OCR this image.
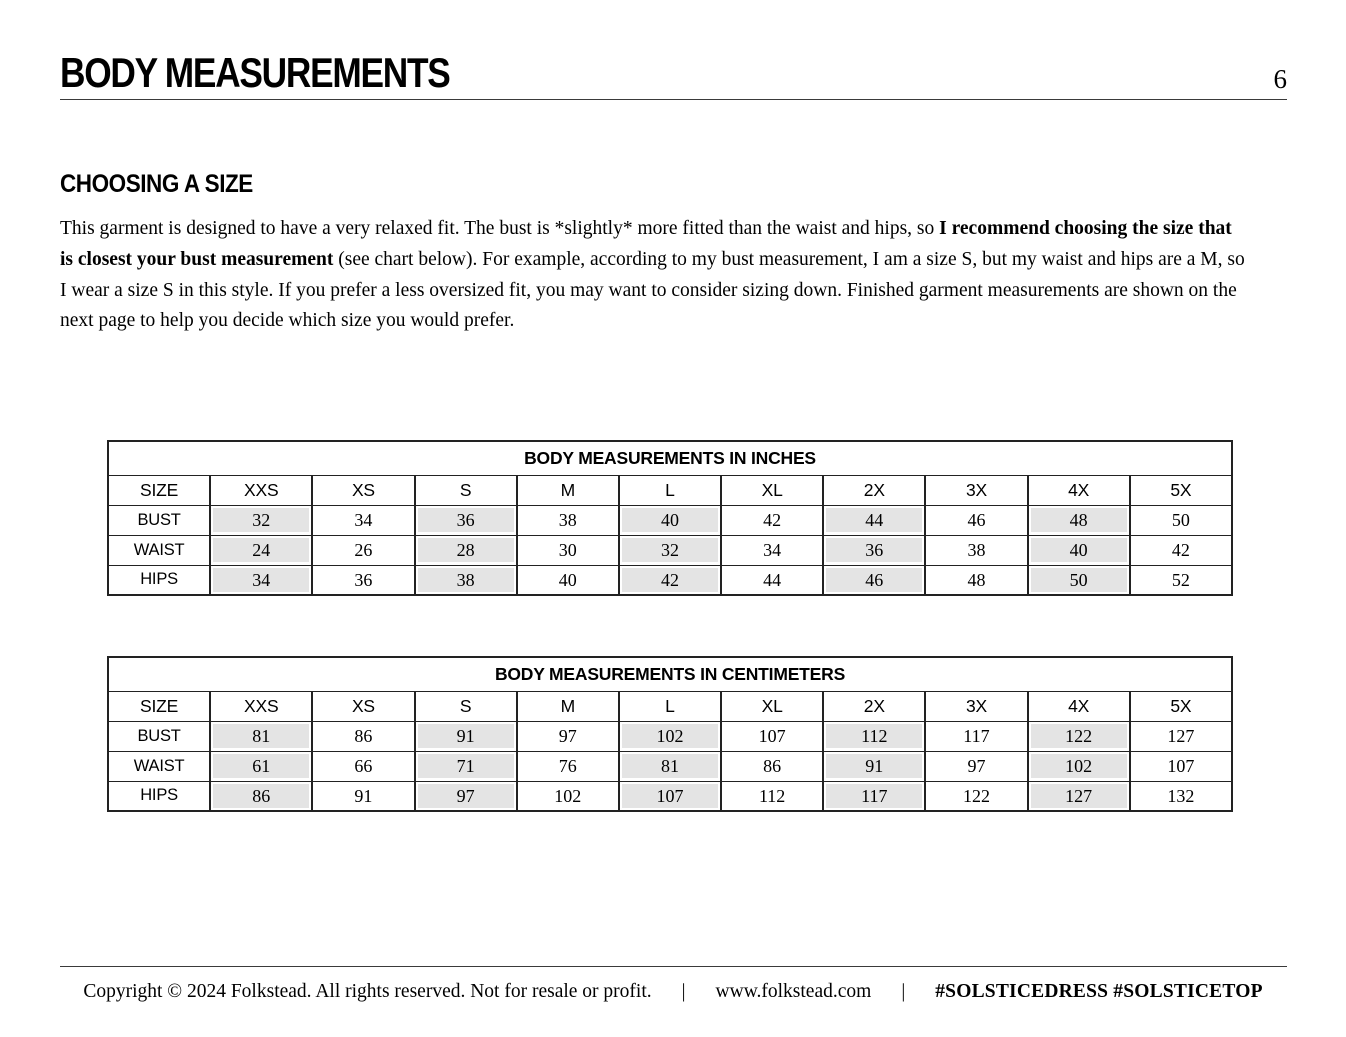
BODY MEASUREMENTS	6
CHOOSING A SIZE

This garment is designed to have a very relaxed fit. The bust is *slightly* more fitted than the waist and hips, so I recommend choosing the size that is closest your bust measurement (see chart below). For example, according to my bust measurement, I am a size S, but my waist and hips are a M, so I wear a size S in this style. If you prefer a less oversized fit, you may want to consider sizing down. Finished garment measurements are shown on the next page to help you decide which size you would prefer.

BODY MEASUREMENTS IN INCHES										
SIZE	XXS	XS	S	M	L	XL	2X	3X	4X	5X
BUST	32	34	36	38	40	42	44	46	48	50

WAIST	24	26	28	30	32	34	36	38	40	42

HIPS	34	36	38	40	42	44	46	48	50	52
BODY MEASUREMENTS IN CENTIMETERS										
SIZE	XXS	XS	S	M	L	XL	2X	3X	4X	5X
BUST	81	86	91	97	102	107	112	117	122	127

WAIST	61	66	71	76	81	86	91	97	102	107

HIPS	86	91	97	102	107	112	117	122	127	132
Copyright © 2024 Folkstead. All rights reserved. Not for resale or profit.	|	www.folkstead.com	|	#SOLSTICEDRESS #SOLSTICETOP
